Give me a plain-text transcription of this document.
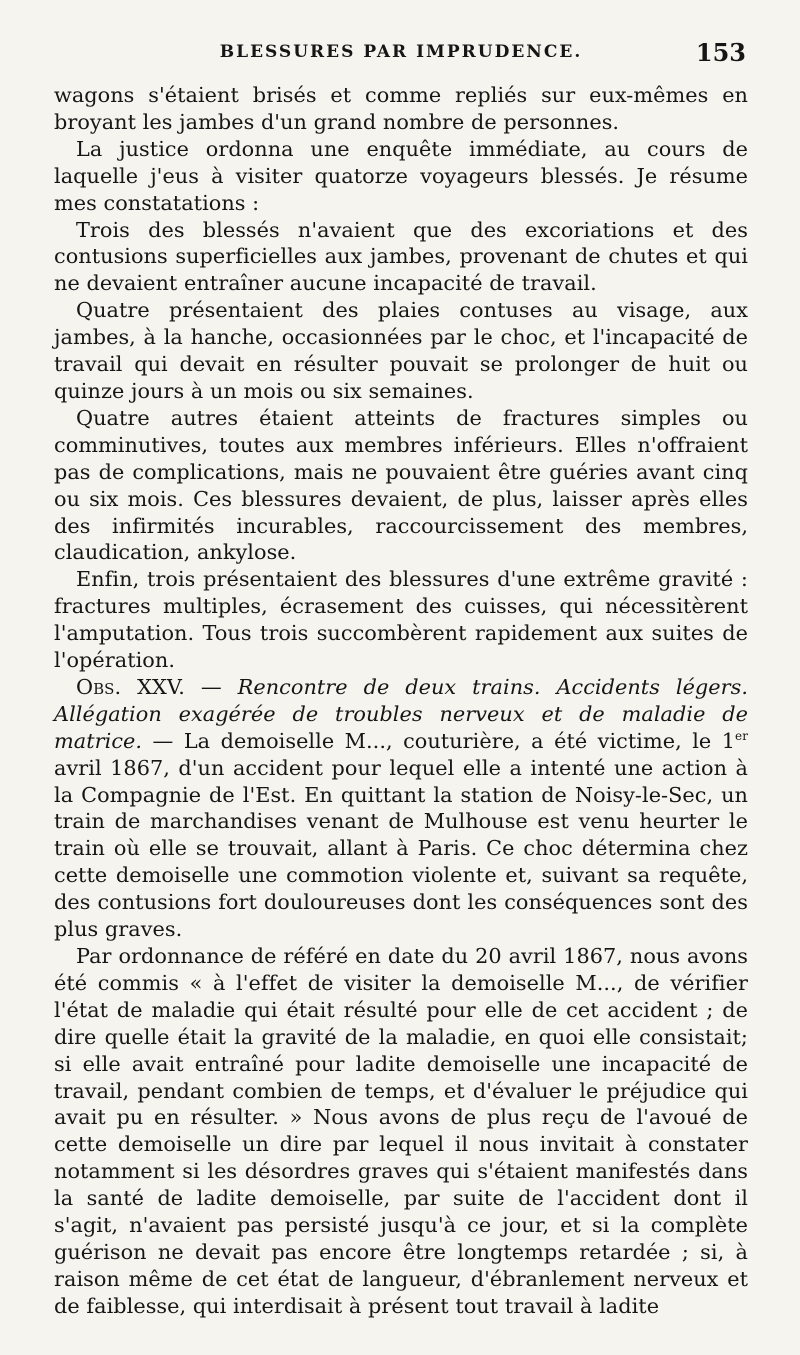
BLESSURES PAR IMPRUDENCE.	153

wagons s'étaient brisés et comme repliés sur eux-mêmes en broyant les jambes d'un grand nombre de personnes.

La justice ordonna une enquête immédiate, au cours de laquelle j'eus à visiter quatorze voyageurs blessés. Je résume mes constatations :

Trois des blessés n'avaient que des excoriations et des contusions superficielles aux jambes, provenant de chutes et qui ne devaient entraîner aucune incapacité de travail.

Quatre présentaient des plaies contuses au visage, aux jambes, à la hanche, occasionnées par le choc, et l'incapacité de travail qui devait en résulter pouvait se prolonger de huit ou quinze jours à un mois ou six semaines.

Quatre autres étaient atteints de fractures simples ou comminutives, toutes aux membres inférieurs. Elles n'offraient pas de complications, mais ne pouvaient être guéries avant cinq ou six mois. Ces blessures devaient, de plus, laisser après elles des infirmités incurables, raccourcissement des membres, claudication, ankylose.

Enfin, trois présentaient des blessures d'une extrême gravité : fractures multiples, écrasement des cuisses, qui nécessitèrent l'amputation. Tous trois succombèrent rapidement aux suites de l'opération.

Obs. XXV. — Rencontre de deux trains. Accidents légers. Allégation exagérée de troubles nerveux et de maladie de matrice. — La demoiselle M..., couturière, a été victime, le 1er avril 1867, d'un accident pour lequel elle a intenté une action à la Compagnie de l'Est. En quittant la station de Noisy-le-Sec, un train de marchandises venant de Mulhouse est venu heurter le train où elle se trouvait, allant à Paris. Ce choc détermina chez cette demoiselle une commotion violente et, suivant sa requête, des contusions fort douloureuses dont les conséquences sont des plus graves.

Par ordonnance de référé en date du 20 avril 1867, nous avons été commis « à l'effet de visiter la demoiselle M..., de vérifier l'état de maladie qui était résulté pour elle de cet accident ; de dire quelle était la gravité de la maladie, en quoi elle consistait; si elle avait entraîné pour ladite demoiselle une incapacité de travail, pendant combien de temps, et d'évaluer le préjudice qui avait pu en résulter. » Nous avons de plus reçu de l'avoué de cette demoiselle un dire par lequel il nous invitait à constater notamment si les désordres graves qui s'étaient manifestés dans la santé de ladite demoiselle, par suite de l'accident dont il s'agit, n'avaient pas persisté jusqu'à ce jour, et si la complète guérison ne devait pas encore être longtemps retardée ; si, à raison même de cet état de langueur, d'ébranlement nerveux et de faiblesse, qui interdisait à présent tout travail à ladite
